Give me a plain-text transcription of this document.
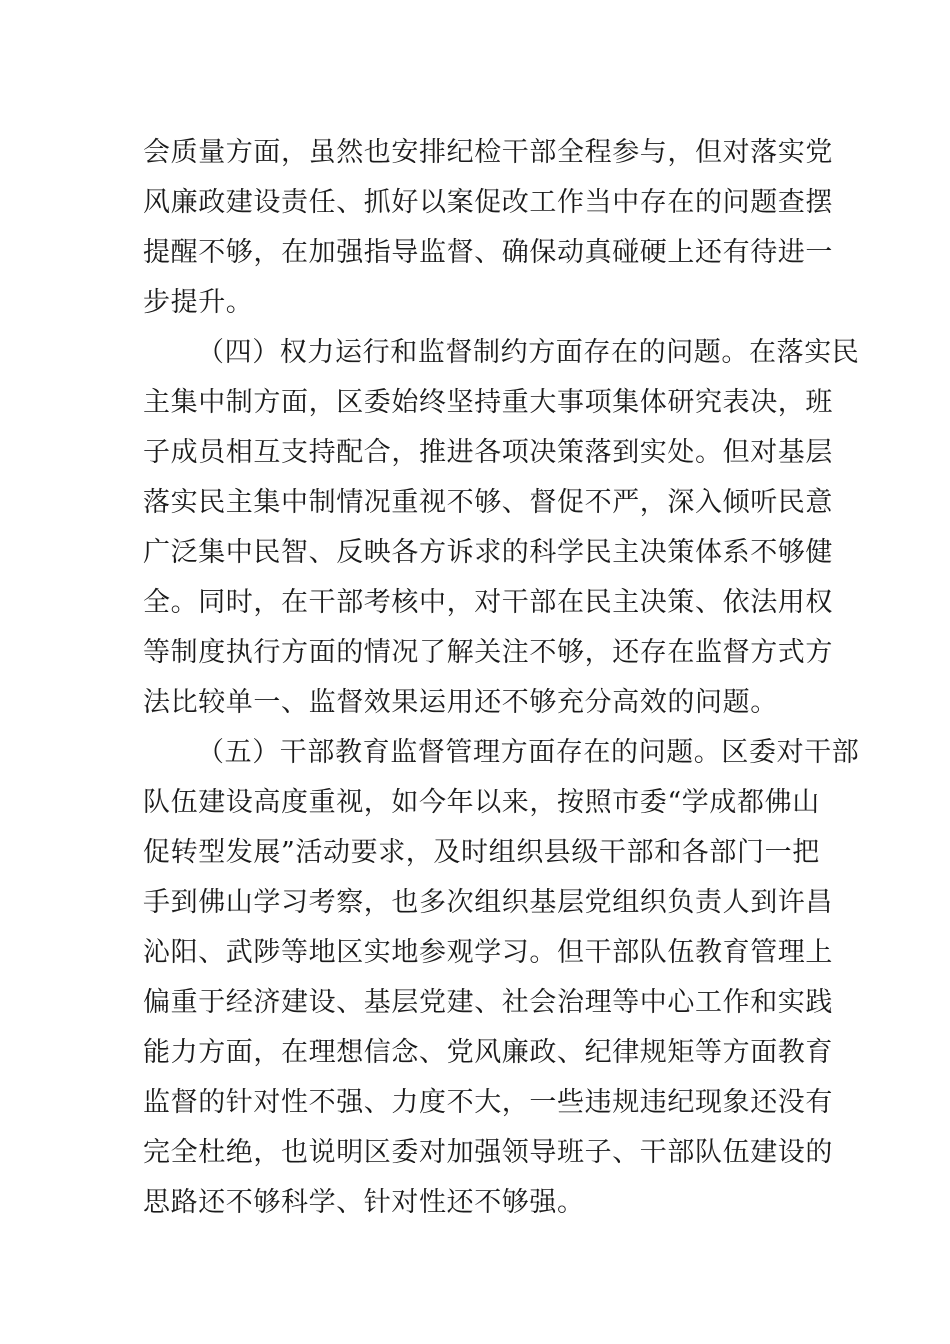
会质量方面，虽然也安排纪检干部全程参与，但对落实党
风廉政建设责任、抓好以案促改工作当中存在的问题查摆
提醒不够，在加强指导监督、确保动真碰硬上还有待进一
步提升。
（四）权力运行和监督制约方面存在的问题。在落实民
主集中制方面，区委始终坚持重大事项集体研究表决，班
子成员相互支持配合，推进各项决策落到实处。但对基层
落实民主集中制情况重视不够、督促不严，深入倾听民意
广泛集中民智、反映各方诉求的科学民主决策体系不够健
全。同时，在干部考核中，对干部在民主决策、依法用权
等制度执行方面的情况了解关注不够，还存在监督方式方
法比较单一、监督效果运用还不够充分高效的问题。
（五）干部教育监督管理方面存在的问题。区委对干部
队伍建设高度重视，如今年以来，按照市委“学成都佛山
促转型发展”活动要求，及时组织县级干部和各部门一把
手到佛山学习考察，也多次组织基层党组织负责人到许昌
沁阳、武陟等地区实地参观学习。但干部队伍教育管理上
偏重于经济建设、基层党建、社会治理等中心工作和实践
能力方面，在理想信念、党风廉政、纪律规矩等方面教育
监督的针对性不强、力度不大，一些违规违纪现象还没有
完全杜绝，也说明区委对加强领导班子、干部队伍建设的
思路还不够科学、针对性还不够强。
